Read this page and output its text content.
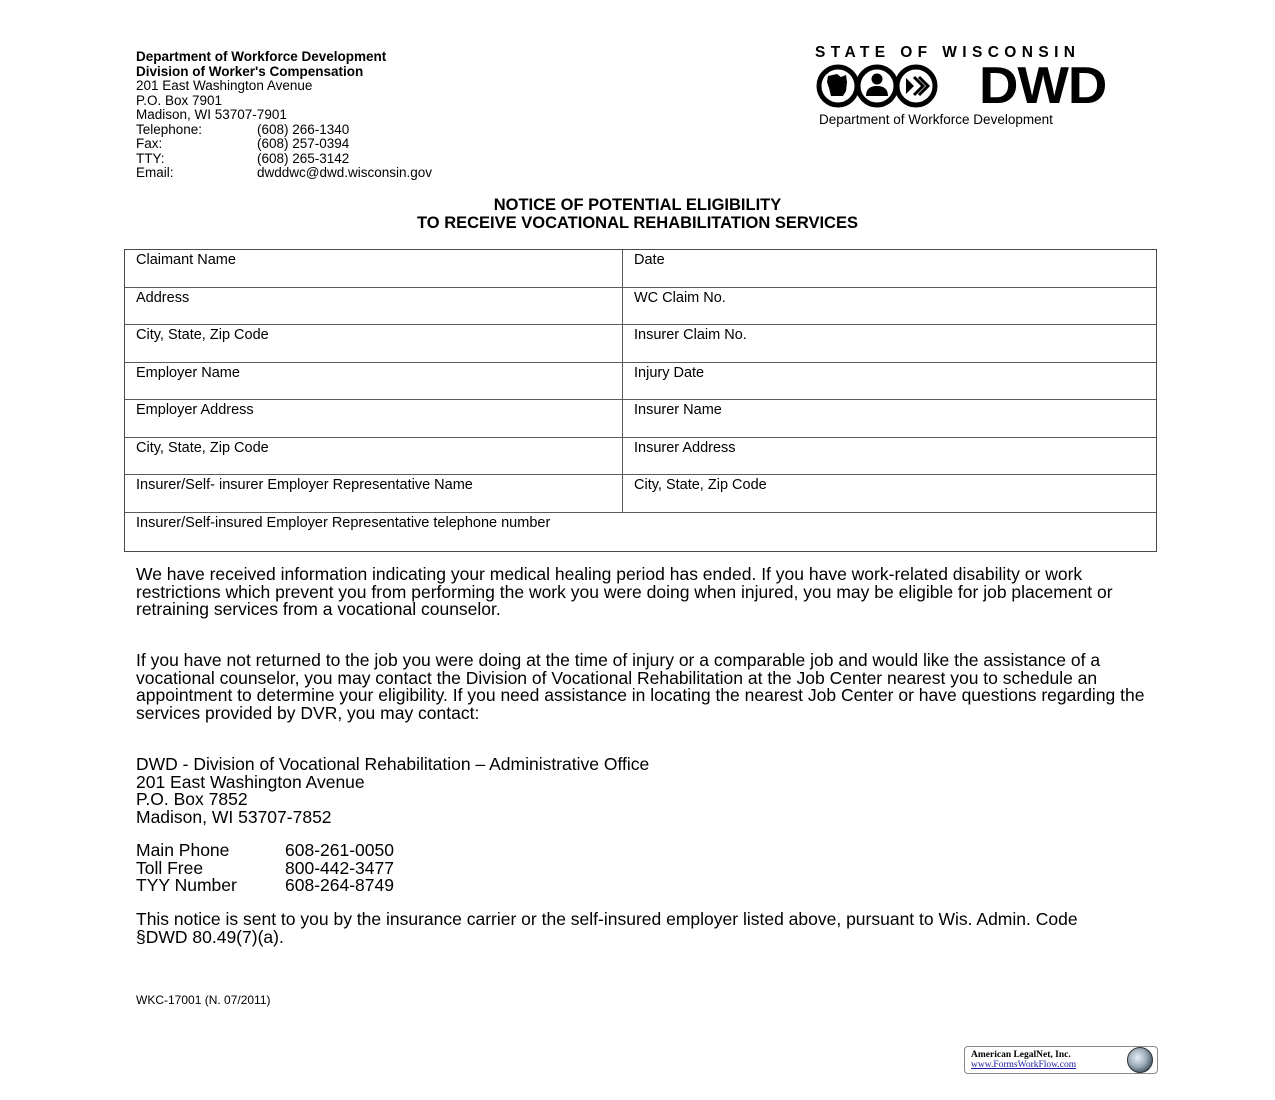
Department of Workforce Development
Division of Worker's Compensation
201 East Washington Avenue
P.O. Box 7901
Madison, WI 53707-7901
Telephone:	(608) 266-1340
Fax:	(608) 257-0394
TTY:	(608) 265-3142
Email:	dwddwc@dwd.wisconsin.gov
STATE OF WISCONSIN
DWD
Department of Workforce Development
NOTICE OF POTENTIAL ELIGIBILITY
TO RECEIVE VOCATIONAL REHABILITATION SERVICES
Claimant Name	Date
Address	WC Claim No.
City, State, Zip Code	Insurer Claim No.
Employer Name	Injury Date
Employer Address	Insurer Name
City, State, Zip Code	Insurer Address
Insurer/Self- insurer Employer Representative Name	City, State, Zip Code
Insurer/Self-insured Employer Representative telephone number
We have received information indicating your medical healing period has ended. If you have work-related disability or work restrictions which prevent you from performing the work you were doing when injured, you may be eligible for job placement or retraining services from a vocational counselor.
If you have not returned to the job you were doing at the time of injury or a comparable job and would like the assistance of a vocational counselor, you may contact the Division of Vocational Rehabilitation at the Job Center nearest you to schedule an appointment to determine your eligibility. If you need assistance in locating the nearest Job Center or have questions regarding the services provided by DVR, you may contact:
DWD - Division of Vocational Rehabilitation – Administrative Office
201 East Washington Avenue
P.O. Box 7852
Madison, WI 53707-7852
Main Phone	608-261-0050
Toll Free	800-442-3477
TYY Number	608-264-8749
This notice is sent to you by the insurance carrier or the self-insured employer listed above, pursuant to Wis. Admin. Code §DWD 80.49(7)(a).
WKC-17001 (N. 07/2011)
American LegalNet, Inc.
www.FormsWorkFlow.com
